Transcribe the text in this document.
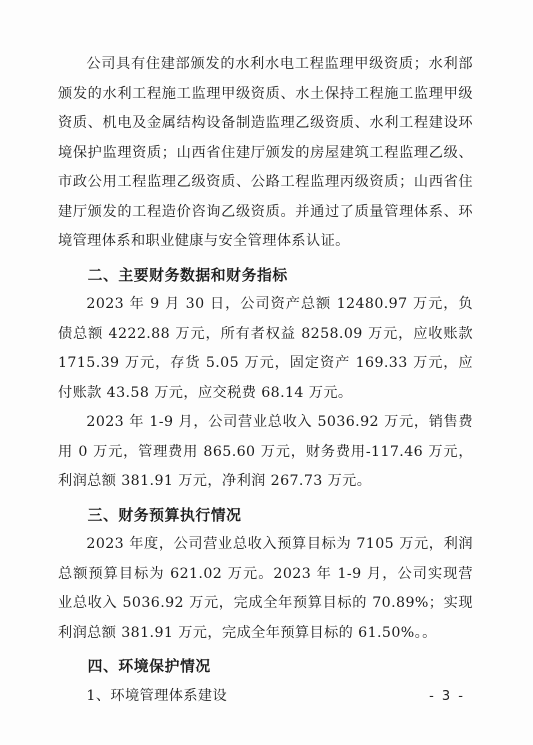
公司具有住建部颁发的水利水电工程监理甲级资质；水利部颁发的水利工程施工监理甲级资质、水土保持工程施工监理甲级资质、机电及金属结构设备制造监理乙级资质、水利工程建设环境保护监理资质；山西省住建厅颁发的房屋建筑工程监理乙级、市政公用工程监理乙级资质、公路工程监理丙级资质；山西省住建厅颁发的工程造价咨询乙级资质。并通过了质量管理体系、环境管理体系和职业健康与安全管理体系认证。

二、主要财务数据和财务指标

2023 年 9 月 30 日，公司资产总额 12480.97 万元，负债总额 4222.88 万元，所有者权益 8258.09 万元，应收账款 1715.39 万元，存货 5.05 万元，固定资产 169.33 万元，应付账款 43.58 万元，应交税费 68.14 万元。

2023 年 1-9 月，公司营业总收入 5036.92 万元，销售费用 0 万元，管理费用 865.60 万元，财务费用-117.46 万元，利润总额 381.91 万元，净利润 267.73 万元。

三、财务预算执行情况

2023 年度，公司营业总收入预算目标为 7105 万元，利润总额预算目标为 621.02 万元。2023 年 1-9 月，公司实现营业总收入 5036.92 万元，完成全年预算目标的 70.89%；实现利润总额 381.91 万元，完成全年预算目标的 61.50%。。

四、环境保护情况

1、环境管理体系建设	- 3 -
